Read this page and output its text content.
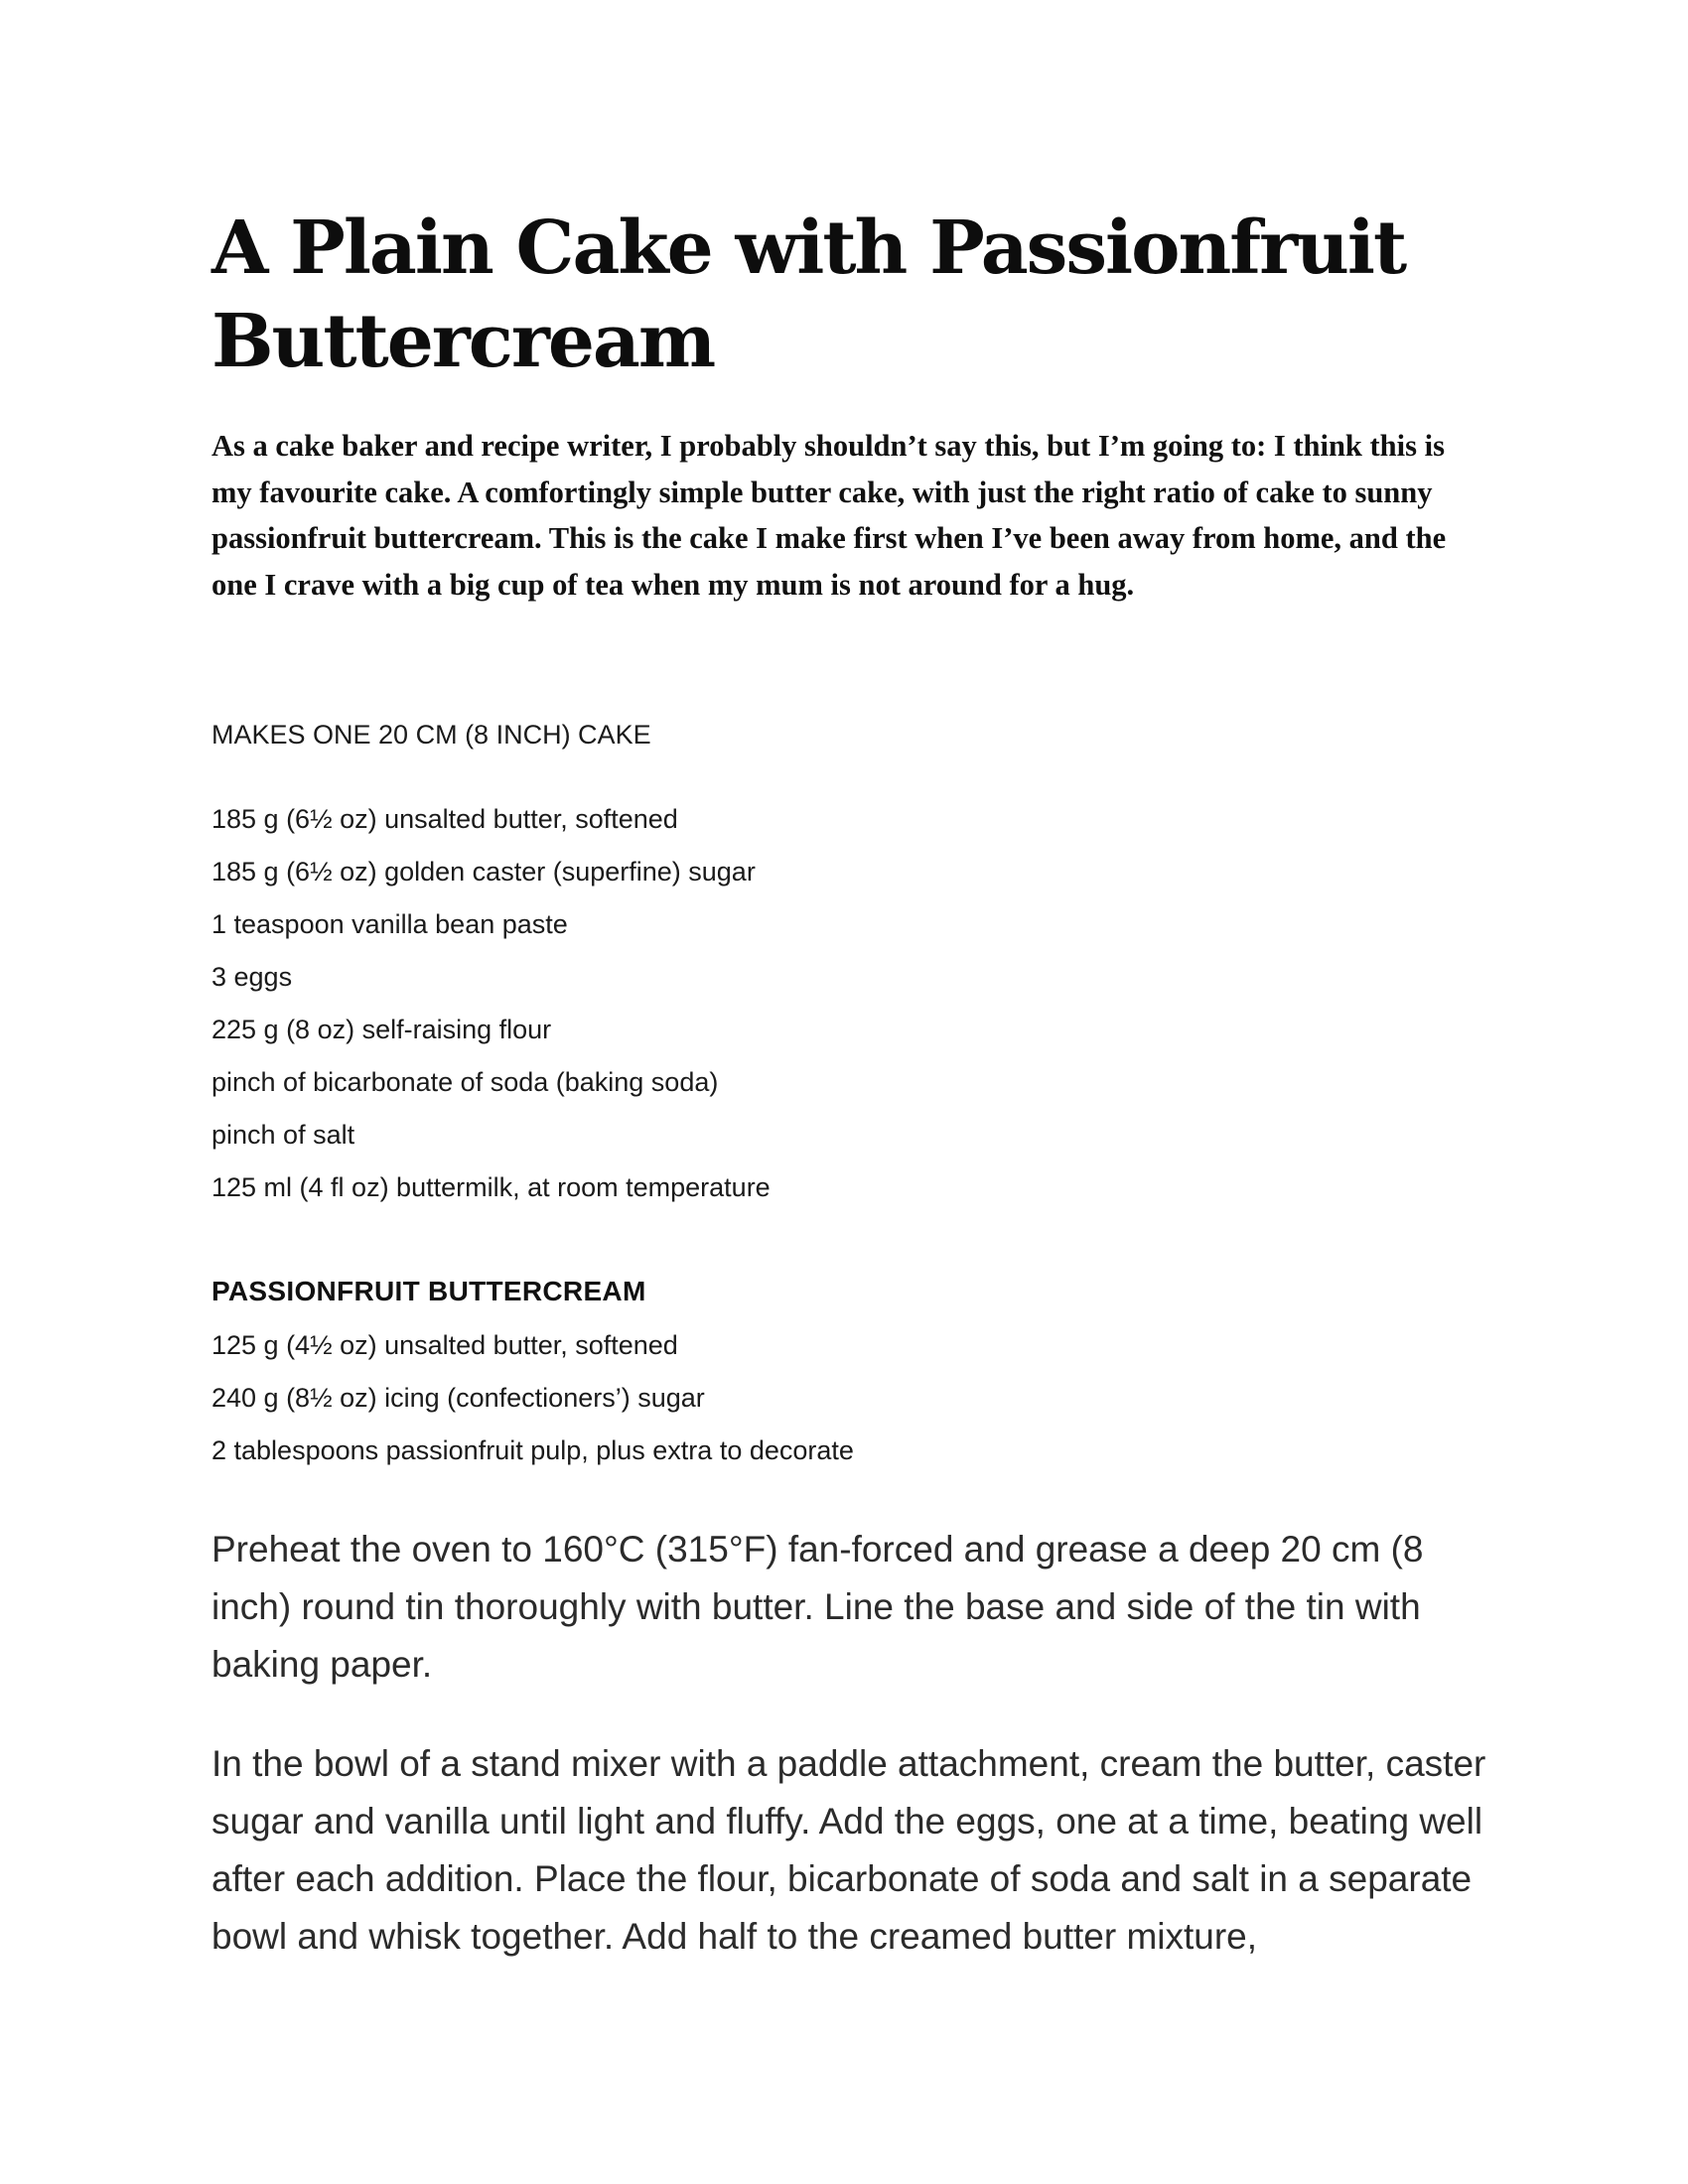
A Plain Cake with Passionfruit Buttercream

As a cake baker and recipe writer, I probably shouldn’t say this, but I’m going to: I think this is my favourite cake. A comfortingly simple butter cake, with just the right ratio of cake to sunny passionfruit buttercream. This is the cake I make first when I’ve been away from home, and the one I crave with a big cup of tea when my mum is not around for a hug.

MAKES ONE 20 CM (8 INCH) CAKE

185 g (6½ oz) unsalted butter, softened
185 g (6½ oz) golden caster (superfine) sugar
1 teaspoon vanilla bean paste
3 eggs
225 g (8 oz) self-raising flour
pinch of bicarbonate of soda (baking soda)
pinch of salt
125 ml (4 fl oz) buttermilk, at room temperature

PASSIONFRUIT BUTTERCREAM

125 g (4½ oz) unsalted butter, softened
240 g (8½ oz) icing (confectioners’) sugar
2 tablespoons passionfruit pulp, plus extra to decorate

Preheat the oven to 160°C (315°F) fan-forced and grease a deep 20 cm (8 inch) round tin thoroughly with butter. Line the base and side of the tin with baking paper.

In the bowl of a stand mixer with a paddle attachment, cream the butter, caster sugar and vanilla until light and fluffy. Add the eggs, one at a time, beating well after each addition. Place the flour, bicarbonate of soda and salt in a separate bowl and whisk together. Add half to the creamed butter mixture,
